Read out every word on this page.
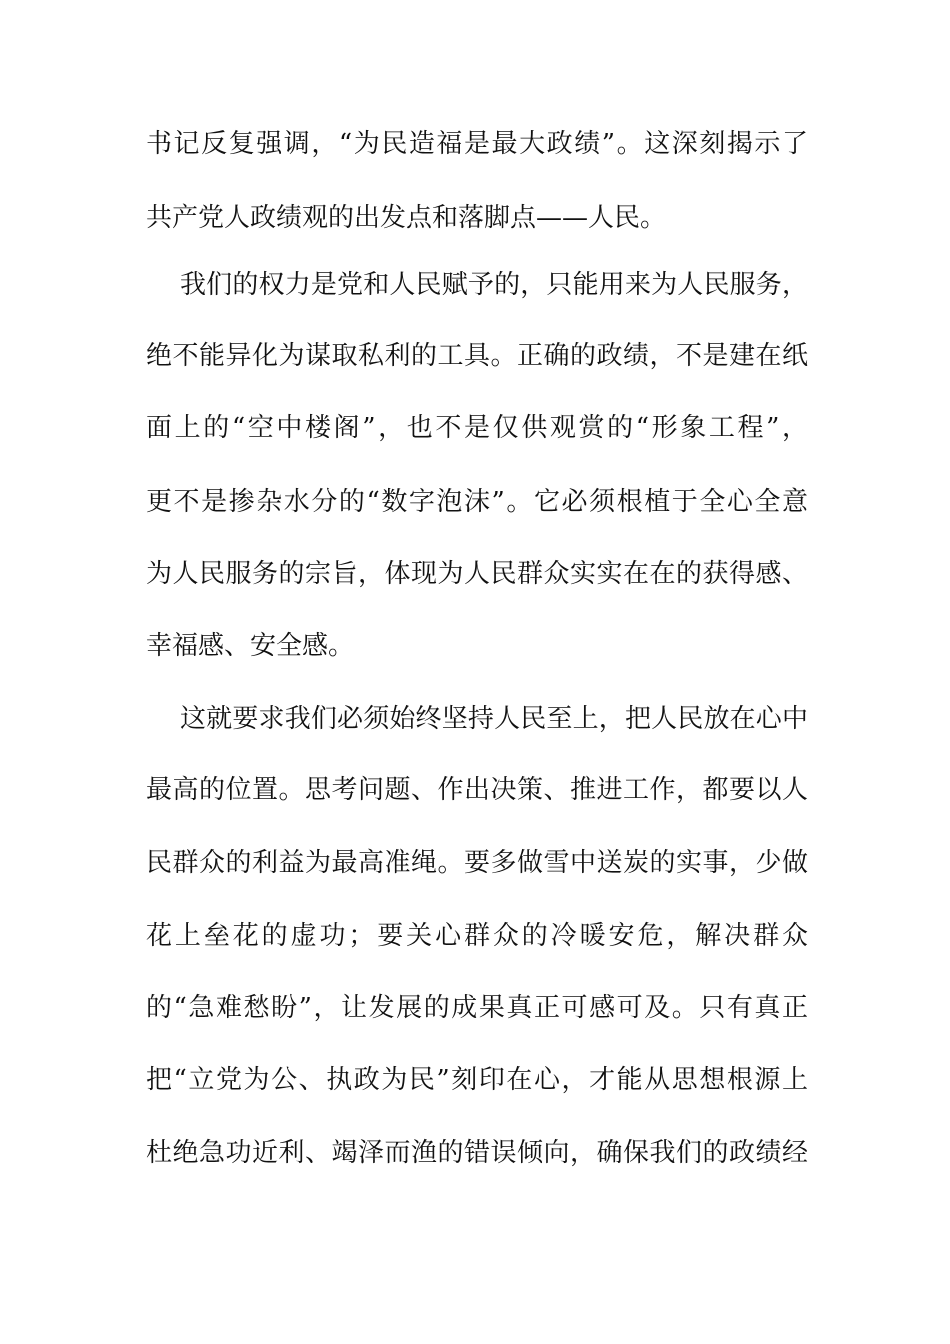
书记反复强调，“为民造福是最大政绩”。这深刻揭示了
共产党人政绩观的出发点和落脚点——人民。
我们的权力是党和人民赋予的，只能用来为人民服务，
绝不能异化为谋取私利的工具。正确的政绩，不是建在纸
面上的“空中楼阁”，也不是仅供观赏的“形象工程”，
更不是掺杂水分的“数字泡沫”。它必须根植于全心全意
为人民服务的宗旨，体现为人民群众实实在在的获得感、
幸福感、安全感。
这就要求我们必须始终坚持人民至上，把人民放在心中
最高的位置。思考问题、作出决策、推进工作，都要以人
民群众的利益为最高准绳。要多做雪中送炭的实事，少做
花上垒花的虚功；要关心群众的冷暖安危，解决群众
的“急难愁盼”，让发展的成果真正可感可及。只有真正
把“立党为公、执政为民”刻印在心，才能从思想根源上
杜绝急功近利、竭泽而渔的错误倾向，确保我们的政绩经
